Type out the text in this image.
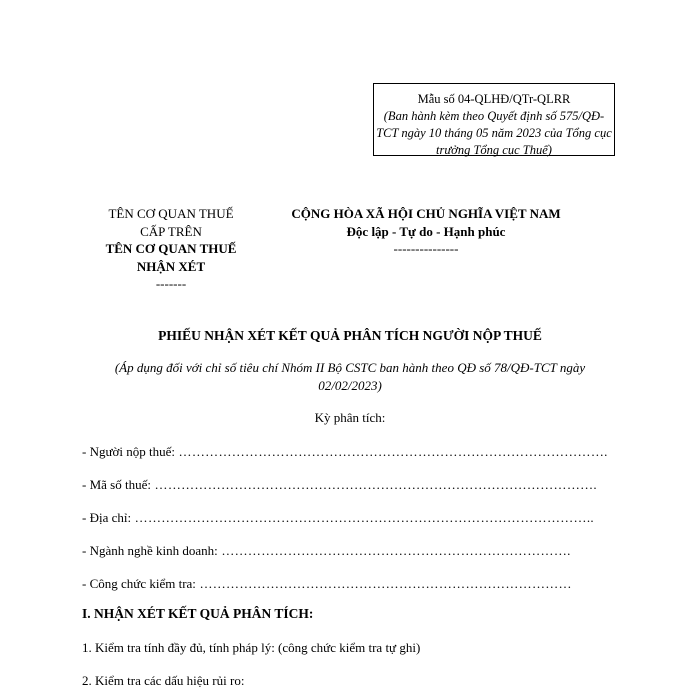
Mẫu số 04-QLHĐ/QTr-QLRR
(Ban hành kèm theo Quyết định số 575/QĐ-TCT ngày 10 tháng 05 năm 2023 của Tổng cục trưởng Tổng cục Thuế)
TÊN CƠ QUAN THUẾ
CẤP TRÊN
TÊN CƠ QUAN THUẾ
NHẬN XÉT
-------
CỘNG HÒA XÃ HỘI CHỦ NGHĨA VIỆT NAM
Độc lập - Tự do - Hạnh phúc
---------------
PHIẾU NHẬN XÉT KẾT QUẢ PHÂN TÍCH NGƯỜI NỘP THUẾ
(Áp dụng đối với chỉ số tiêu chí Nhóm II Bộ CSTC ban hành theo QĐ số 78/QĐ-TCT ngày 02/02/2023)
Kỳ phân tích:
- Người nộp thuế: …………………………………………………………………………………….
- Mã số thuế: ……………………………………………………………………………………….
- Địa chỉ: …………………………………………………………………………………………..
- Ngành nghề kinh doanh: …………………………………………………………………….
- Công chức kiểm tra: …………………………………………………………………………
I. NHẬN XÉT KẾT QUẢ PHÂN TÍCH:
1. Kiểm tra tính đầy đủ, tính pháp lý: (công chức kiểm tra tự ghi)
2. Kiểm tra các dấu hiệu rủi ro:
